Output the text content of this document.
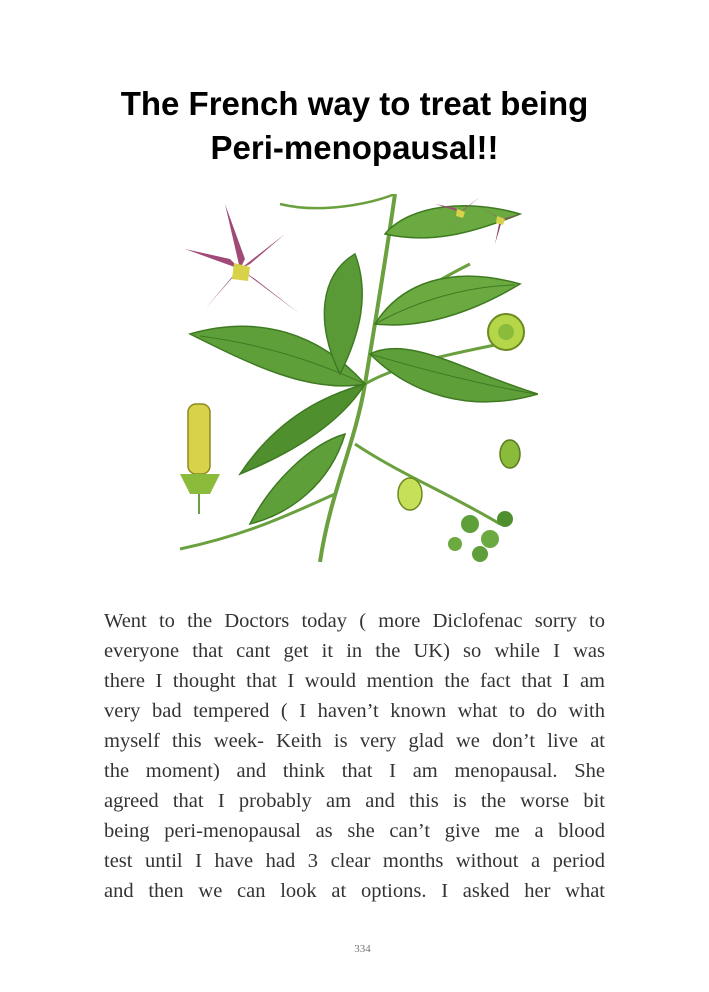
The French way to treat being
Peri-menopausal!!
Went to the Doctors today ( more Diclofenac sorry to
everyone that cant get it in the UK) so while I was
there I thought that I would mention the fact that I am
very bad tempered ( I haven’t known what to do with
myself this week- Keith is very glad we don’t live at
the moment) and think that I am menopausal. She
agreed that I probably am and this is the worse bit
being peri-menopausal as she can’t give me a blood
test until I have had 3 clear months without a period
and then we can look at options. I asked her what
334
